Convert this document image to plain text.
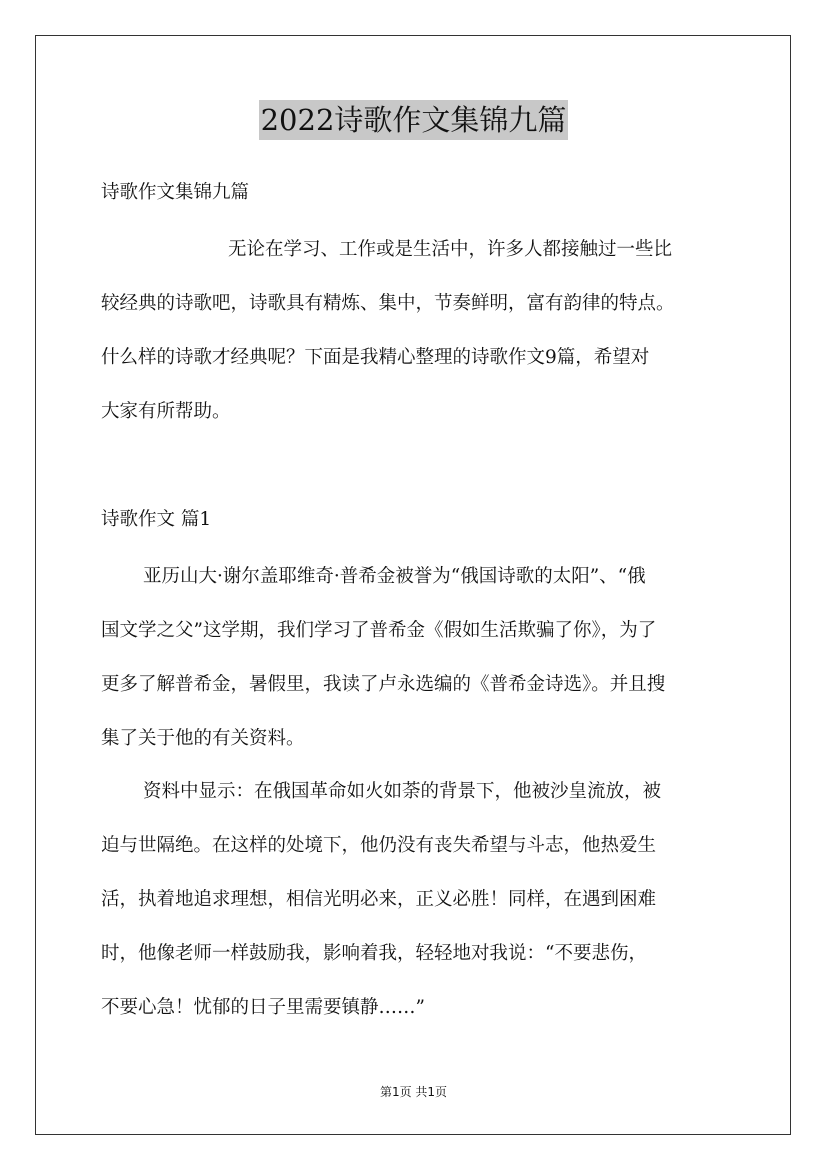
2022诗歌作文集锦九篇
诗歌作文集锦九篇
无论在学习、工作或是生活中，许多人都接触过一些比
较经典的诗歌吧，诗歌具有精炼、集中，节奏鲜明，富有韵律的特点。
什么样的诗歌才经典呢？下面是我精心整理的诗歌作文9篇，希望对
大家有所帮助。
诗歌作文 篇1
亚历山大·谢尔盖耶维奇·普希金被誉为“俄国诗歌的太阳”、“俄
国文学之父”这学期，我们学习了普希金《假如生活欺骗了你》，为了
更多了解普希金，暑假里，我读了卢永选编的《普希金诗选》。并且搜
集了关于他的有关资料。
资料中显示：在俄国革命如火如荼的背景下，他被沙皇流放，被
迫与世隔绝。在这样的处境下，他仍没有丧失希望与斗志，他热爱生
活，执着地追求理想，相信光明必来，正义必胜！同样，在遇到困难
时，他像老师一样鼓励我，影响着我，轻轻地对我说：“不要悲伤，
不要心急！忧郁的日子里需要镇静……”
第1页 共1页
